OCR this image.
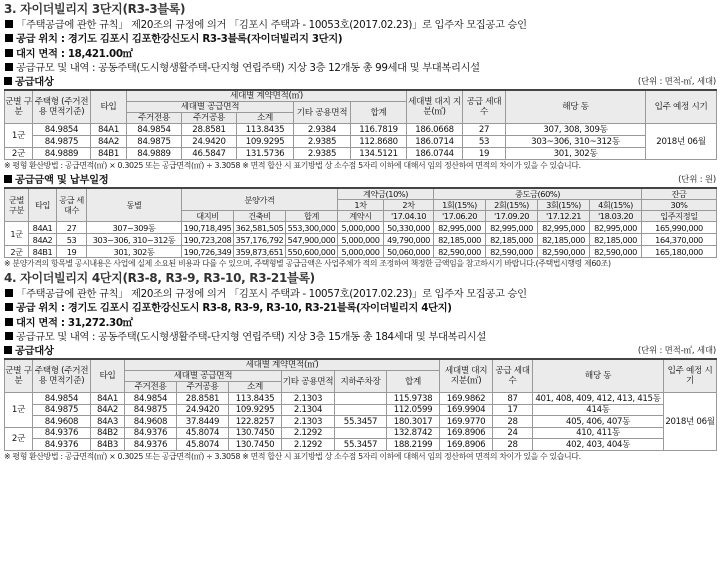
3. 자이더빌리지 3단지(R3-3블록)
「주택공급에 관한 규칙」 제20조의 규정에 의거 「김포시 주택과 - 10053호(2017.02.23)」로 입주자 모집공고 승인
공급 위치 : 경기도 김포시 김포한강신도시 R3-3블록(자이더빌리지 3단지)
대지 면적 : 18,421.00㎡
공급규모 및 내역 : 공동주택(도시형생활주택-단지형 연립주택) 지상 3층 12개동 총 99세대 및 부대복리시설
공급대상	(단위 : 면적-㎡, 세대)
군별 구분	주택형 (주거전용 면적기준)	타입	세대별 계약면적(㎡)					세대별 대지 지분(㎡)	공급 세대수	해당 동	입주 예정 시기
			세대별 공급면적			기타 공용면적	합계				
			주거전용	주거공용	소계						
1군	84.9854	84A1	84.9854	28.8581	113.8435	2.9384	116.7819	186.0668	27	307, 308, 309동	2018년 06월
	84.9875	84A2	84.9875	24.9420	109.9295	2.9385	112.8680	186.0714	53	303~306, 310~312동	
2군	84.9889	84B1	84.9889	46.5847	131.5736	2.9385	134.5121	186.0744	19	301, 302동	
※ 평형 환산방법 : 공급면적(㎡) × 0.3025 또는 공급면적(㎡) ÷ 3.3058 ※ 면적 합산 시 표기방법 상 소수점 5자리 이하에 대해서 임의 정산하여 면적의 차이가 있을 수 있습니다.
공급금액 및 납부일정	(단위 : 원)
군별 구분	타입	공급 세대수	동별	분양가격			계약금(10%)		중도금(60%)				잔금
							1차	2차	1회(15%)	2회(15%)	3회(15%)	4회(15%)	30%
				대지비	건축비	합계	계약시	'17.04.10	'17.06.20	'17.09.20	'17.12.21	'18.03.20	입주지정일
1군	84A1	27	307~309동	190,718,495	362,581,505	553,300,000	5,000,000	50,330,000	82,995,000	82,995,000	82,995,000	82,995,000	165,990,000
	84A2	53	303~306, 310~312동	190,723,208	357,176,792	547,900,000	5,000,000	49,790,000	82,185,000	82,185,000	82,185,000	82,185,000	164,370,000
2군	84B1	19	301, 302동	190,726,349	359,873,651	550,600,000	5,000,000	50,060,000	82,590,000	82,590,000	82,590,000	82,590,000	165,180,000
※ 분양가격의 항목별 공시내용은 사업에 실제 소요된 비용과 다를 수 있으며, 주택형별 공급금액은 사업주체가 적의 조정하여 책정한 금액임을 참고하시기 바랍니다.(주택법시행령 제60조)
4. 자이더빌리지 4단지(R3-8, R3-9, R3-10, R3-21블록)
「주택공급에 관한 규칙」 제20조의 규정에 의거 「김포시 주택과 - 10057호(2017.02.23)」로 입주자 모집공고 승인
공급 위치 : 경기도 김포시 김포한강신도시 R3-8, R3-9, R3-10, R3-21블록(자이더빌리지 4단지)
대지 면적 : 31,272.30㎡
공급규모 및 내역 : 공동주택(도시형생활주택-단지형 연립주택) 지상 3층 15개동 총 184세대 및 부대복리시설
공급대상	(단위 : 면적-㎡, 세대)
군별 구분	주택형 (주거전용 면적기준)	타입	세대별 계약면적(㎡)						세대별 대지 지분(㎡)	공급 세대수	해당 동	입주 예정 시기
			세대별 공급면적			기타 공용면적	지하주차장	합계				
			주거전용	주거공용	소계							
1군	84.9854	84A1	84.9854	28.8581	113.8435	2.1303		115.9738	169.9862	87	401, 408, 409, 412, 413, 415동	2018년 06월
	84.9875	84A2	84.9875	24.9420	109.9295	2.1304		112.0599	169.9904	17	414동	
	84.9608	84A3	84.9608	37.8449	122.8257	2.1303	55.3457	180.3017	169.9770	28	405, 406, 407동	
2군	84.9376	84B2	84.9376	45.8074	130.7450	2.1292		132.8742	169.8906	24	410, 411동	
	84.9376	84B3	84.9376	45.8074	130.7450	2.1292	55.3457	188.2199	169.8906	28	402, 403, 404동	
※ 평형 환산방법 : 공급면적(㎡) × 0.3025 또는 공급면적(㎡) ÷ 3.3058 ※ 면적 합산 시 표기방법 상 소수점 5자리 이하에 대해서 임의 정산하여 면적의 차이가 있을 수 있습니다.
